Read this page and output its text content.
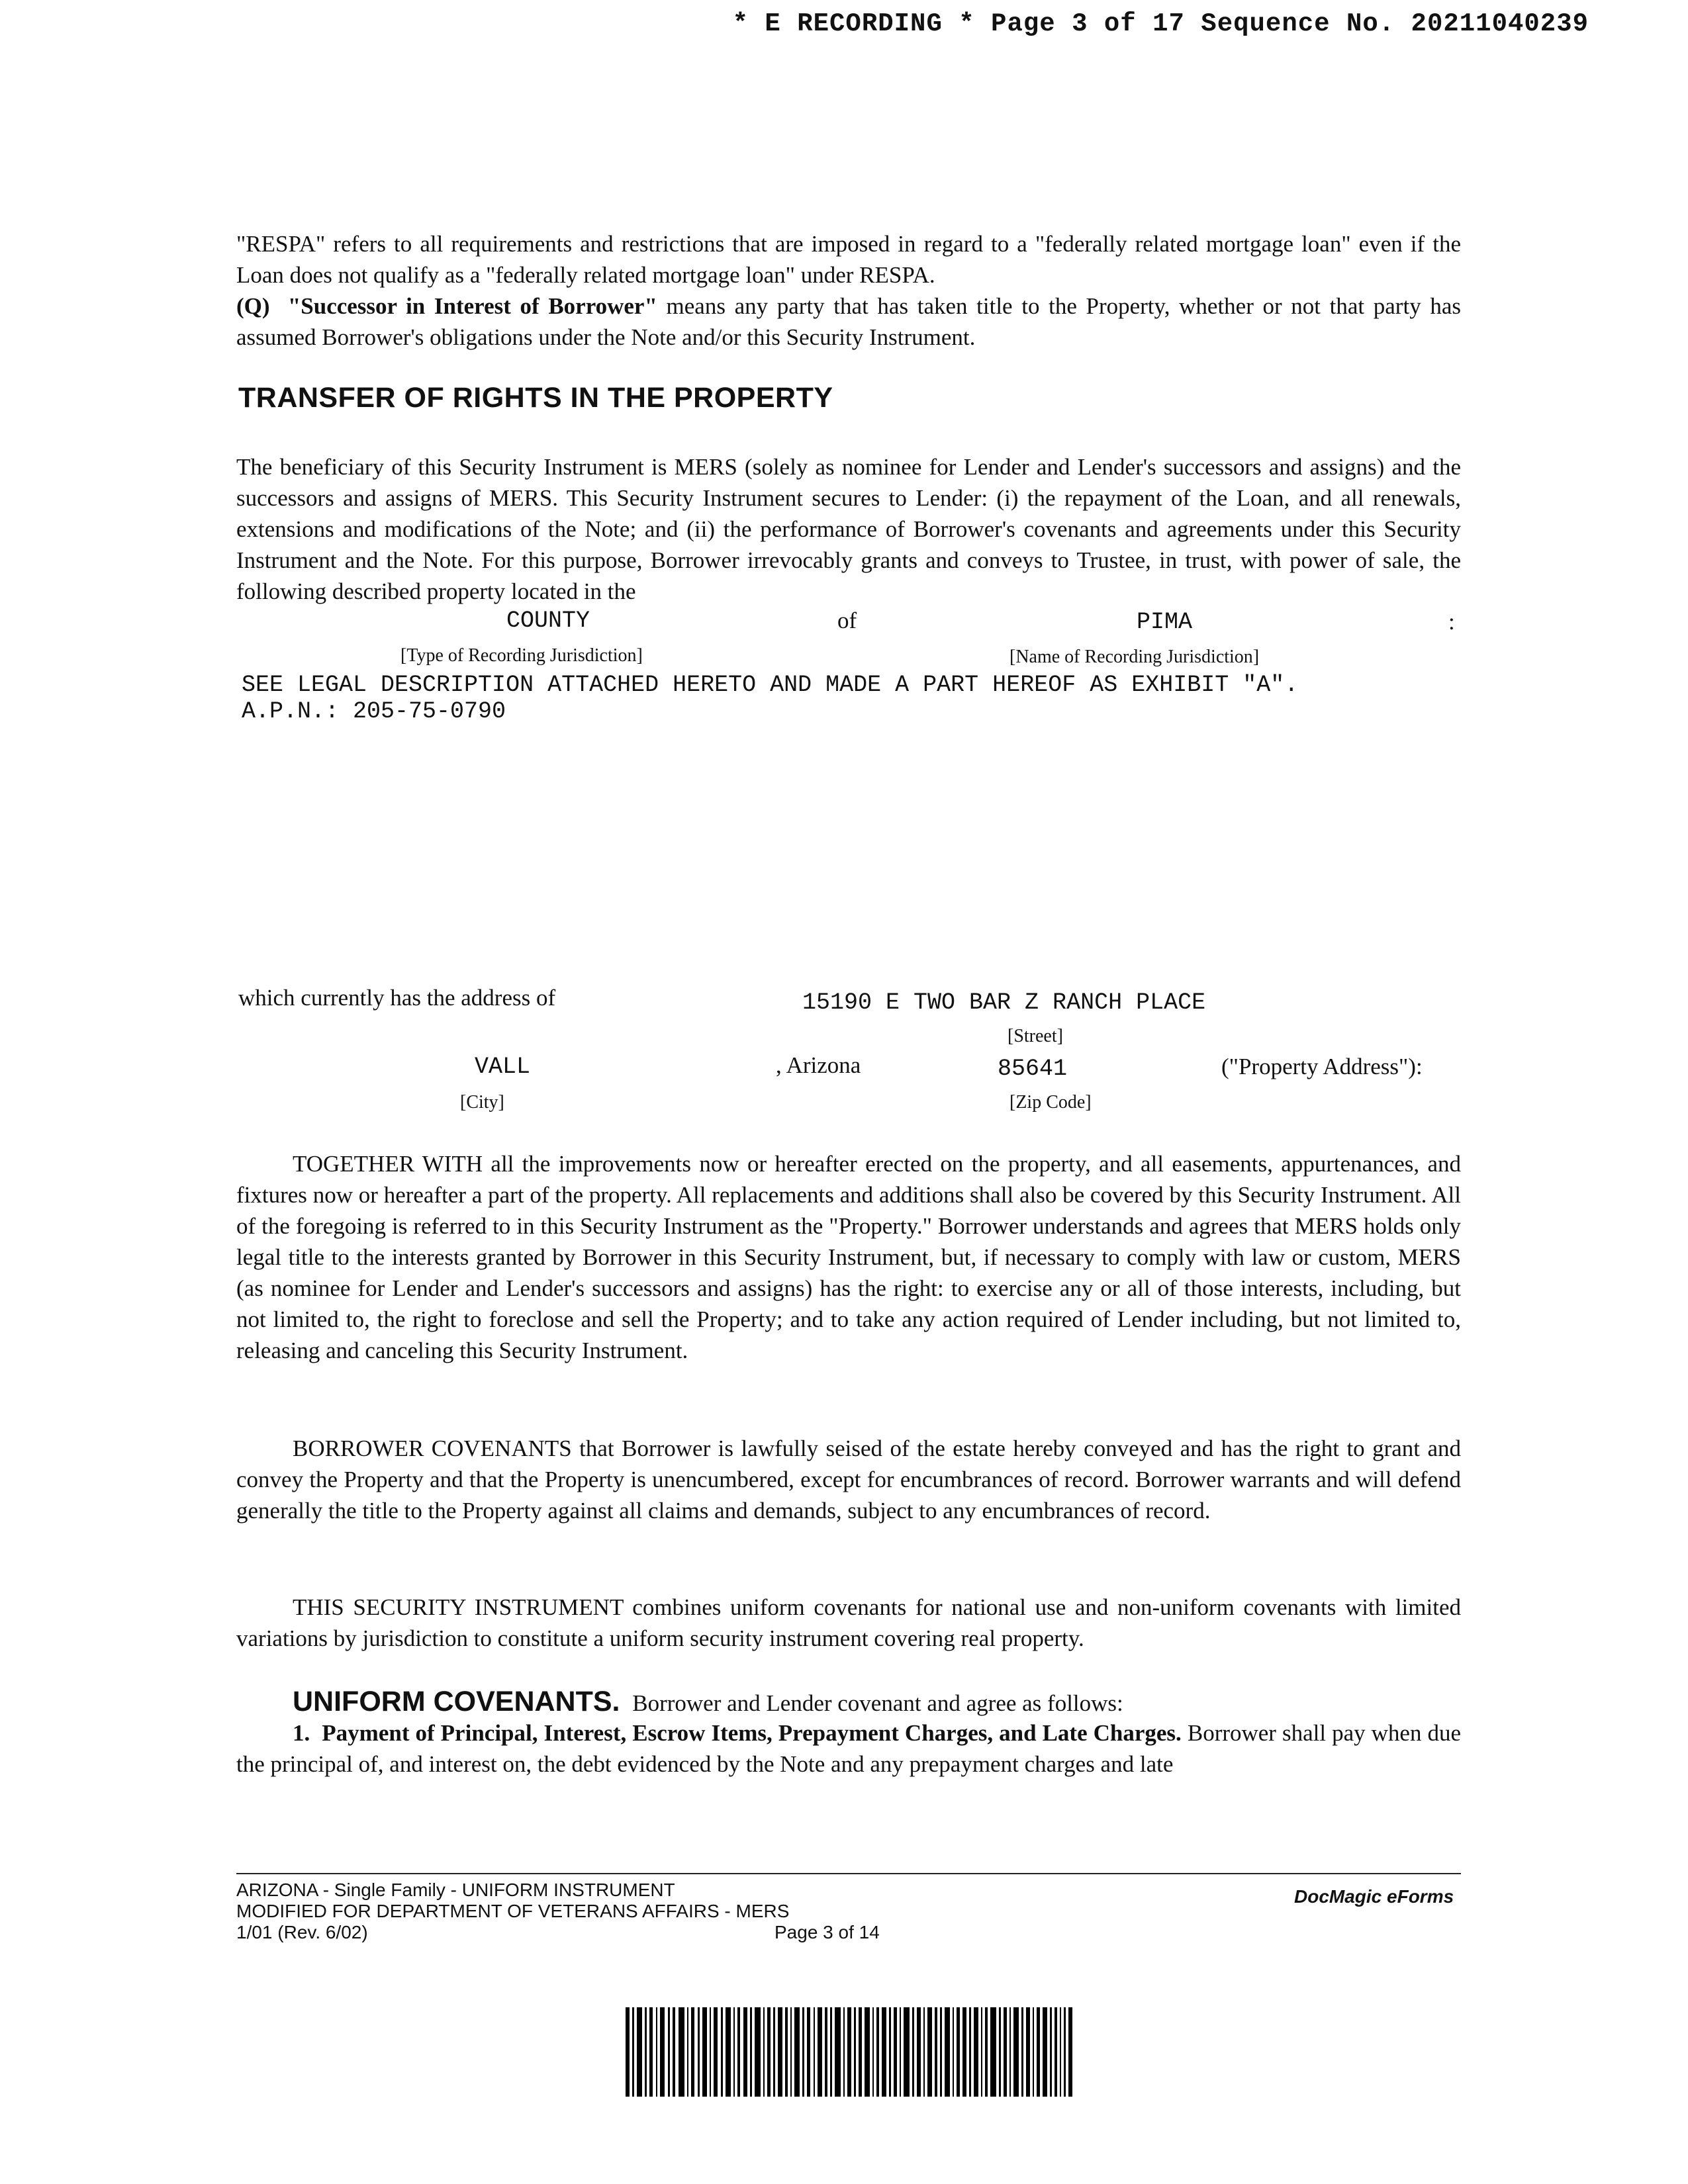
* E RECORDING * Page 3 of 17 Sequence No. 20211040239
"RESPA" refers to all requirements and restrictions that are imposed in regard to a "federally related mortgage loan" even if the Loan does not qualify as a "federally related mortgage loan" under RESPA.
(Q) "Successor in Interest of Borrower" means any party that has taken title to the Property, whether or not that party has assumed Borrower's obligations under the Note and/or this Security Instrument.
TRANSFER OF RIGHTS IN THE PROPERTY
The beneficiary of this Security Instrument is MERS (solely as nominee for Lender and Lender's successors and assigns) and the successors and assigns of MERS. This Security Instrument secures to Lender: (i) the repayment of the Loan, and all renewals, extensions and modifications of the Note; and (ii) the performance of Borrower's covenants and agreements under this Security Instrument and the Note. For this purpose, Borrower irrevocably grants and conveys to Trustee, in trust, with power of sale, the following described property located in the
COUNTY	of	PIMA	:
[Type of Recording Jurisdiction]	[Name of Recording Jurisdiction]
SEE LEGAL DESCRIPTION ATTACHED HERETO AND MADE A PART HEREOF AS EXHIBIT "A".
A.P.N.: 205-75-0790
which currently has the address of	15190 E TWO BAR Z RANCH PLACE
[Street]
VALL	, Arizona	85641	("Property Address"):
[City]	[Zip Code]
TOGETHER WITH all the improvements now or hereafter erected on the property, and all easements, appurtenances, and fixtures now or hereafter a part of the property. All replacements and additions shall also be covered by this Security Instrument. All of the foregoing is referred to in this Security Instrument as the "Property." Borrower understands and agrees that MERS holds only legal title to the interests granted by Borrower in this Security Instrument, but, if necessary to comply with law or custom, MERS (as nominee for Lender and Lender's successors and assigns) has the right: to exercise any or all of those interests, including, but not limited to, the right to foreclose and sell the Property; and to take any action required of Lender including, but not limited to, releasing and canceling this Security Instrument.
BORROWER COVENANTS that Borrower is lawfully seised of the estate hereby conveyed and has the right to grant and convey the Property and that the Property is unencumbered, except for encumbrances of record. Borrower warrants and will defend generally the title to the Property against all claims and demands, subject to any encumbrances of record.
THIS SECURITY INSTRUMENT combines uniform covenants for national use and non-uniform covenants with limited variations by jurisdiction to constitute a uniform security instrument covering real property.
UNIFORM COVENANTS. Borrower and Lender covenant and agree as follows:
1. Payment of Principal, Interest, Escrow Items, Prepayment Charges, and Late Charges. Borrower shall pay when due the principal of, and interest on, the debt evidenced by the Note and any prepayment charges and late
ARIZONA - Single Family - UNIFORM INSTRUMENT
MODIFIED FOR DEPARTMENT OF VETERANS AFFAIRS - MERS
1/01 (Rev. 6/02)	Page 3 of 14
DocMagic eForms
